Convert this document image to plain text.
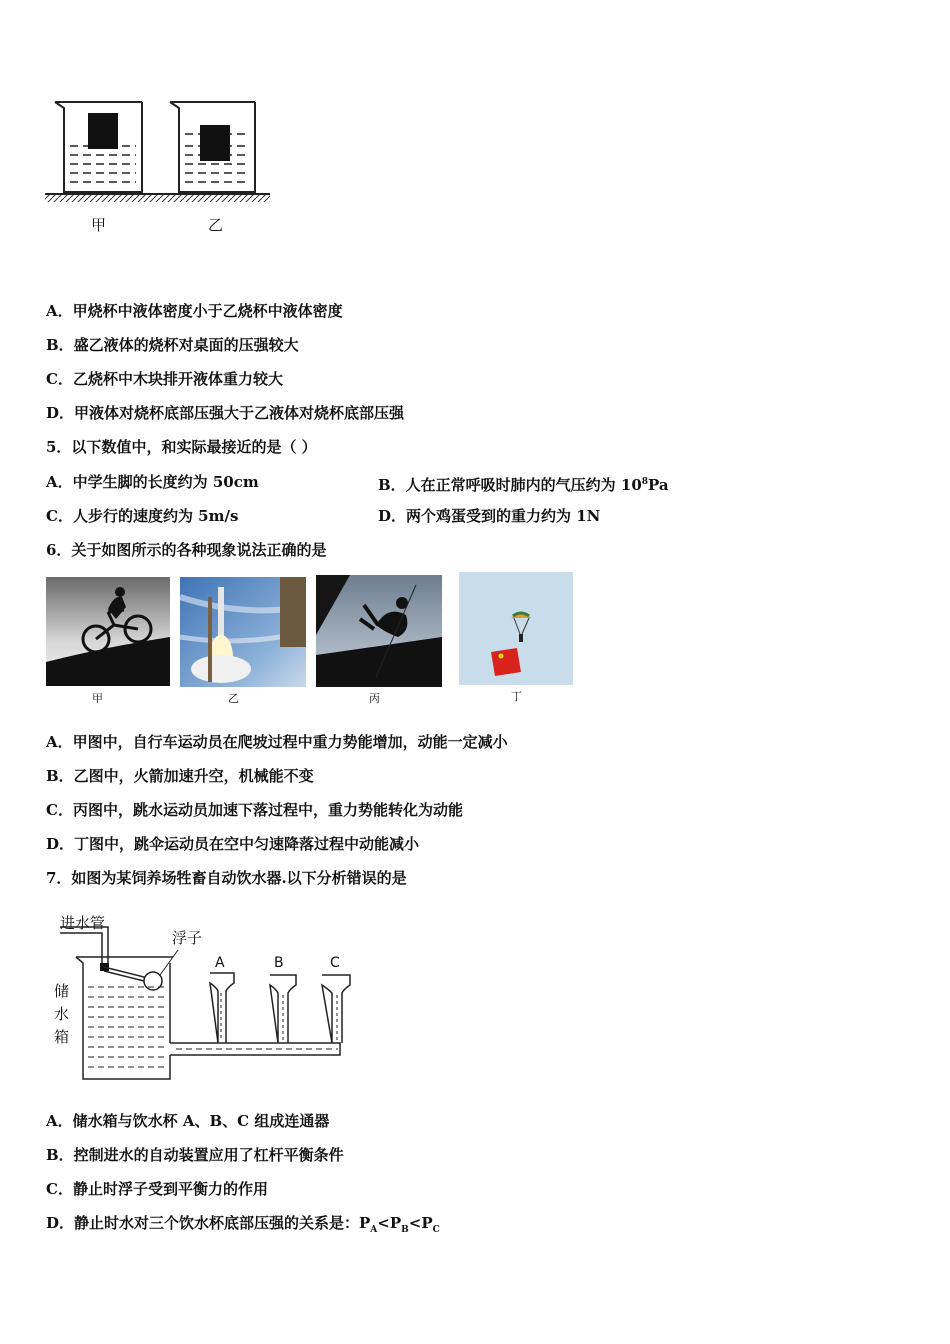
甲	乙
A．甲烧杯中液体密度小于乙烧杯中液体密度
B．盛乙液体的烧杯对桌面的压强较大
C．乙烧杯中木块排开液体重力较大
D．甲液体对烧杯底部压强大于乙液体对烧杯底部压强
5．以下数值中，和实际最接近的是（ ）
A．中学生脚的长度约为 50cm	B．人在正常呼吸时肺内的气压约为 $10^8Pa$
C．人步行的速度约为 5m/s	D．两个鸡蛋受到的重力约为 1N
6．关于如图所示的各种现象说法正确的是
甲	乙	丙	丁
A．甲图中，自行车运动员在爬坡过程中重力势能增加，动能一定减小
B．乙图中，火箭加速升空，机械能不变
C．丙图中，跳水运动员加速下落过程中，重力势能转化为动能
D．丁图中，跳伞运动员在空中匀速降落过程中动能减小
7．如图为某饲养场牲畜自动饮水器.以下分析错误的是
进水管
浮子
储
水
箱
A	B	C
A．储水箱与饮水杯 A、B、C 组成连通器
B．控制进水的自动装置应用了杠杆平衡条件
C．静止时浮子受到平衡力的作用
D．静止时水对三个饮水杯底部压强的关系是：$P_A<P_B<P_C$
